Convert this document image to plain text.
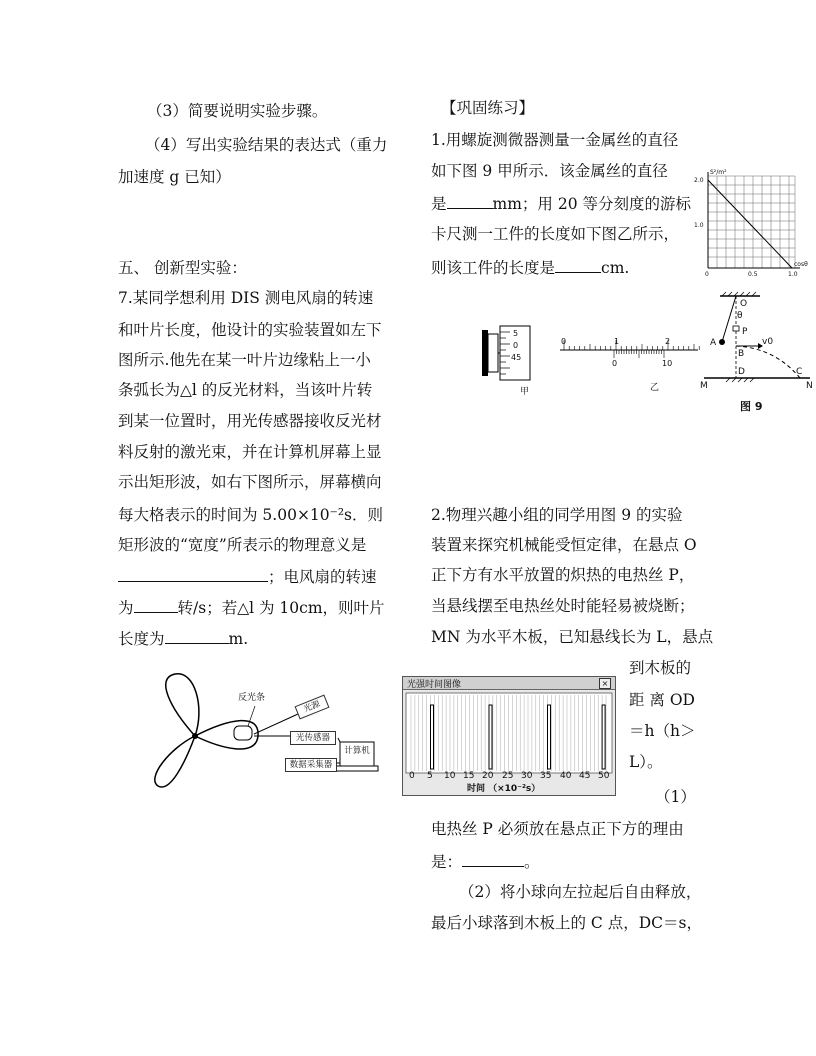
（3）简要说明实验步骤。
（4）写出实验结果的表达式（重力
加速度 g 已知）
五、 创新型实验：
7.某同学想利用 DIS 测电风扇的转速
和叶片长度，他设计的实验装置如左下
图所示.他先在某一叶片边缘粘上一小
条弧长为△l 的反光材料，当该叶片转
到某一位置时，用光传感器接收反光材
料反射的激光束，并在计算机屏幕上显
示出矩形波，如右下图所示，屏幕横向
每大格表示的时间为 5.00×10⁻²s．则
矩形波的“宽度”所表示的物理意义是
；电风扇的转速
为	转/s；若△l 为 10cm，则叶片
长度为	m.
【巩固练习】
1.用螺旋测微器测量一金属丝的直径
如下图 9 甲所示．该金属丝的直径
是	mm；用 20 等分刻度的游标
卡尺测一工件的长度如下图乙所示，
则该工件的长度是	cm.
2.物理兴趣小组的同学用图 9 的实验
装置来探究机械能受恒定律，在悬点 O
正下方有水平放置的炽热的电热丝 P，
当悬线摆至电热丝处时能轻易被烧断；
MN 为水平木板，已知悬线长为 L，悬点
到木板的
距 离 OD
＝h（h＞
L）。
（1）
电热丝 P 必须放在悬点正下方的理由
是：	。
（2）将小球向左拉起后自由释放，
最后小球落到木板上的 C 点，DC＝s，
S²/m²
2.0
1.0
0	0.5	1.0
cosθ
O
θ
P
A
B
v0
D	C
M	N
图 9
5
0
45
甲
0	1	2
0	10
乙
反光条
光源
光传感器
数据采集器
计算机
光强时间图像	×
0 5 10 15 20 25 30 35 40 45 50
时间 （×10⁻²s）
